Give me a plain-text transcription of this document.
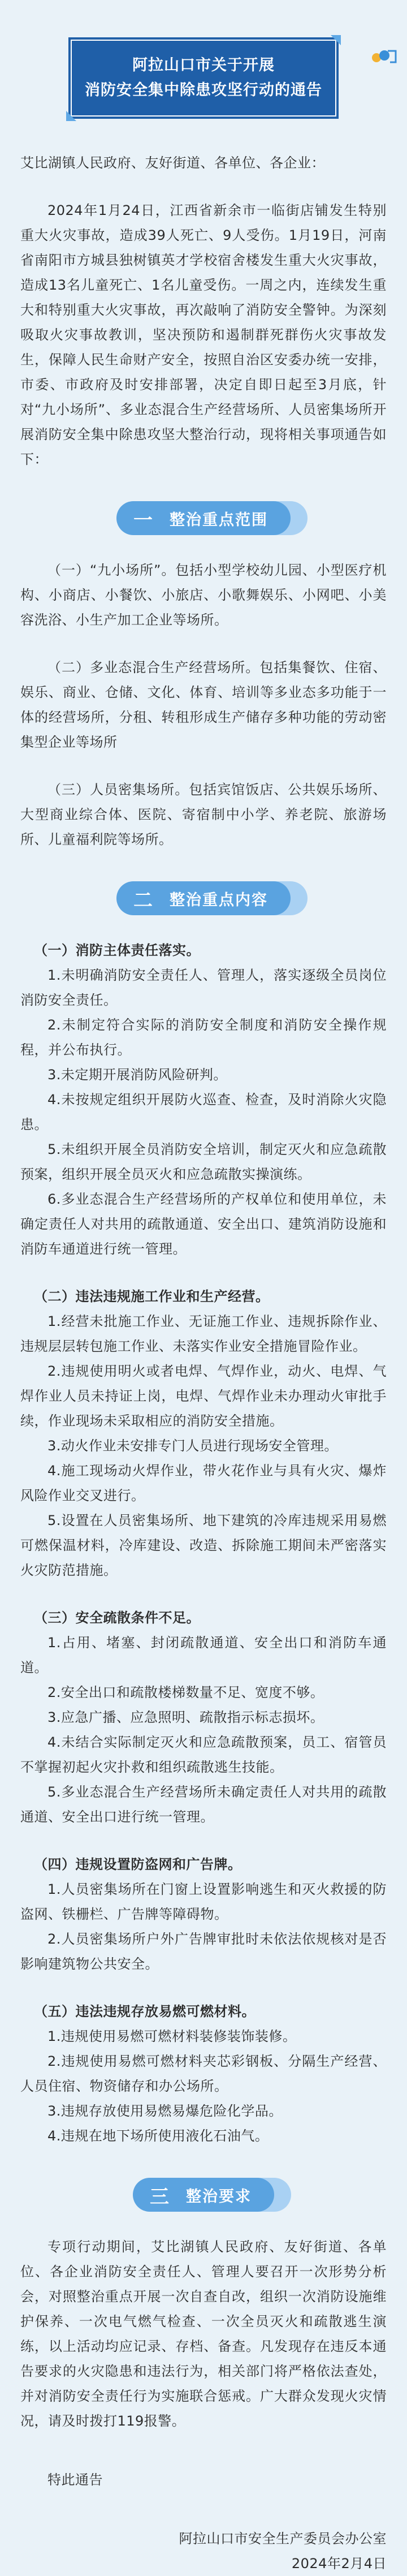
阿拉山口市关于开展
消防安全集中除患攻坚行动的通告

艾比湖镇人民政府、友好街道、各单位、各企业：

2024年1月24日，江西省新余市一临街店铺发生特别重大火灾事故，造成39人死亡、9人受伤。1月19日，河南省南阳市方城县独树镇英才学校宿舍楼发生重大火灾事故，造成13名儿童死亡、1名儿童受伤。一周之内，连续发生重大和特别重大火灾事故，再次敲响了消防安全警钟。为深刻吸取火灾事故教训，坚决预防和遏制群死群伤火灾事故发生，保障人民生命财产安全，按照自治区安委办统一安排，市委、市政府及时安排部署，决定自即日起至3月底，针对“九小场所”、多业态混合生产经营场所、人员密集场所开展消防安全集中除患攻坚大整治行动，现将相关事项通告如下：

一 整治重点范围

（一）“九小场所”。包括小型学校幼儿园、小型医疗机构、小商店、小餐饮、小旅店、小歌舞娱乐、小网吧、小美容洗浴、小生产加工企业等场所。

（二）多业态混合生产经营场所。包括集餐饮、住宿、娱乐、商业、仓储、文化、体育、培训等多业态多功能于一体的经营场所，分租、转租形成生产储存多种功能的劳动密集型企业等场所

（三）人员密集场所。包括宾馆饭店、公共娱乐场所、大型商业综合体、医院、寄宿制中小学、养老院、旅游场所、儿童福利院等场所。

二 整治重点内容

（一）消防主体责任落实。

1.未明确消防安全责任人、管理人，落实逐级全员岗位消防安全责任。

2.未制定符合实际的消防安全制度和消防安全操作规程，并公布执行。

3.未定期开展消防风险研判。

4.未按规定组织开展防火巡查、检查，及时消除火灾隐患。

5.未组织开展全员消防安全培训，制定灭火和应急疏散预案，组织开展全员灭火和应急疏散实操演练。

6.多业态混合生产经营场所的产权单位和使用单位，未确定责任人对共用的疏散通道、安全出口、建筑消防设施和消防车通道进行统一管理。

（二）违法违规施工作业和生产经营。

1.经营未批施工作业、无证施工作业、违规拆除作业、违规层层转包施工作业、未落实作业安全措施冒险作业。

2.违规使用明火或者电焊、气焊作业，动火、电焊、气焊作业人员未持证上岗，电焊、气焊作业未办理动火审批手续，作业现场未采取相应的消防安全措施。

3.动火作业未安排专门人员进行现场安全管理。

4.施工现场动火焊作业，带火花作业与具有火灾、爆炸风险作业交叉进行。

5.设置在人员密集场所、地下建筑的冷库违规采用易燃可燃保温材料，冷库建设、改造、拆除施工期间未严密落实火灾防范措施。

（三）安全疏散条件不足。

1.占用、堵塞、封闭疏散通道、安全出口和消防车通道。

2.安全出口和疏散楼梯数量不足、宽度不够。

3.应急广播、应急照明、疏散指示标志损坏。

4.未结合实际制定灭火和应急疏散预案，员工、宿管员不掌握初起火灾扑救和组织疏散逃生技能。

5.多业态混合生产经营场所未确定责任人对共用的疏散通道、安全出口进行统一管理。

（四）违规设置防盗网和广告牌。

1.人员密集场所在门窗上设置影响逃生和灭火救援的防盗网、铁栅栏、广告牌等障碍物。

2.人员密集场所户外广告牌审批时未依法依规核对是否影响建筑物公共安全。

（五）违法违规存放易燃可燃材料。

1.违规使用易燃可燃材料装修装饰装修。

2.违规使用易燃可燃材料夹芯彩钢板、分隔生产经营、人员住宿、物资储存和办公场所。

3.违规存放使用易燃易爆危险化学品。

4.违规在地下场所使用液化石油气。

三 整治要求

专项行动期间，艾比湖镇人民政府、友好街道、各单位、各企业消防安全责任人、管理人要召开一次形势分析会，对照整治重点开展一次自查自改，组织一次消防设施维护保养、一次电气燃气检查、一次全员灭火和疏散逃生演练，以上活动均应记录、存档、备查。凡发现存在违反本通告要求的火灾隐患和违法行为，相关部门将严格依法查处，并对消防安全责任行为实施联合惩戒。广大群众发现火灾情况，请及时拨打119报警。

特此通告

阿拉山口市安全生产委员会办公室

2024年2月4日
